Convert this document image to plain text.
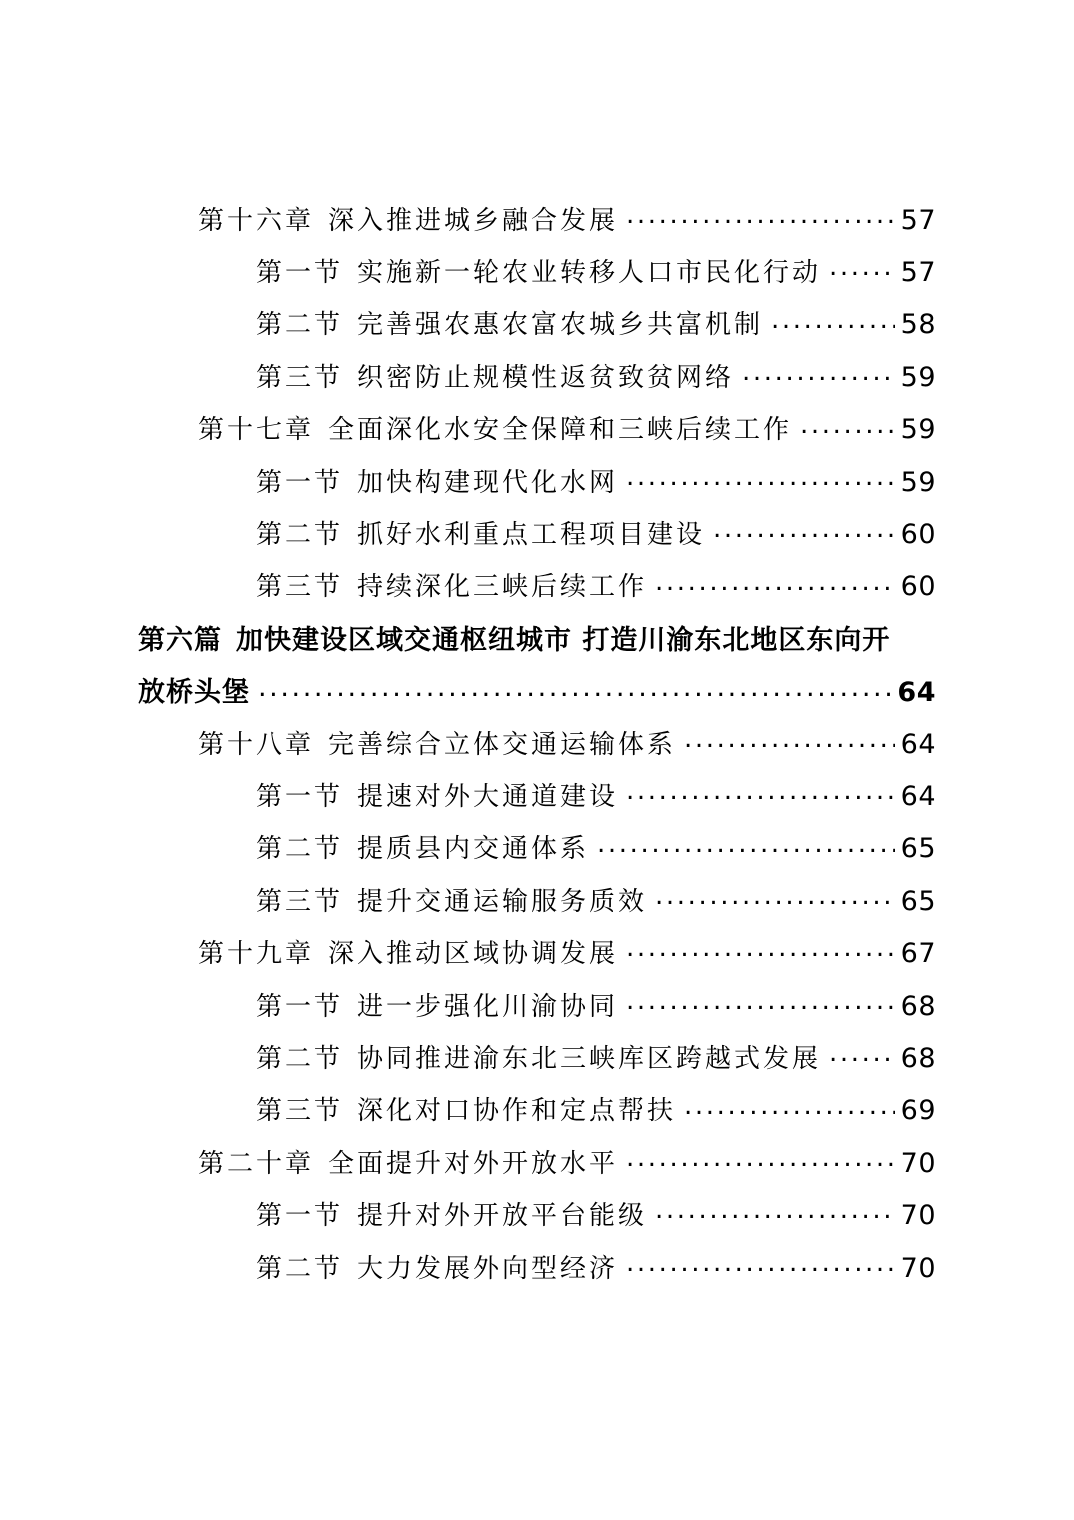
第十六章 深入推进城乡融合发展 .....	57
第一节 实施新一轮农业转移人口市民化行动 .....	57
第二节 完善强农惠农富农城乡共富机制 .....	58
第三节 织密防止规模性返贫致贫网络 .....	59
第十七章 全面深化水安全保障和三峡后续工作 .....	59
第一节 加快构建现代化水网 .....	59
第二节 抓好水利重点工程项目建设 .....	60
第三节 持续深化三峡后续工作 .....	60
第六篇 加快建设区域交通枢纽城市 打造川渝东北地区东向开
放桥头堡 .....	64
第十八章 完善综合立体交通运输体系 .....	64
第一节 提速对外大通道建设 .....	64
第二节 提质县内交通体系 .....	65
第三节 提升交通运输服务质效 .....	65
第十九章 深入推动区域协调发展 .....	67
第一节 进一步强化川渝协同 .....	68
第二节 协同推进渝东北三峡库区跨越式发展 .....	68
第三节 深化对口协作和定点帮扶 .....	69
第二十章 全面提升对外开放水平 .....	70
第一节 提升对外开放平台能级 .....	70
第二节 大力发展外向型经济 .....	70
